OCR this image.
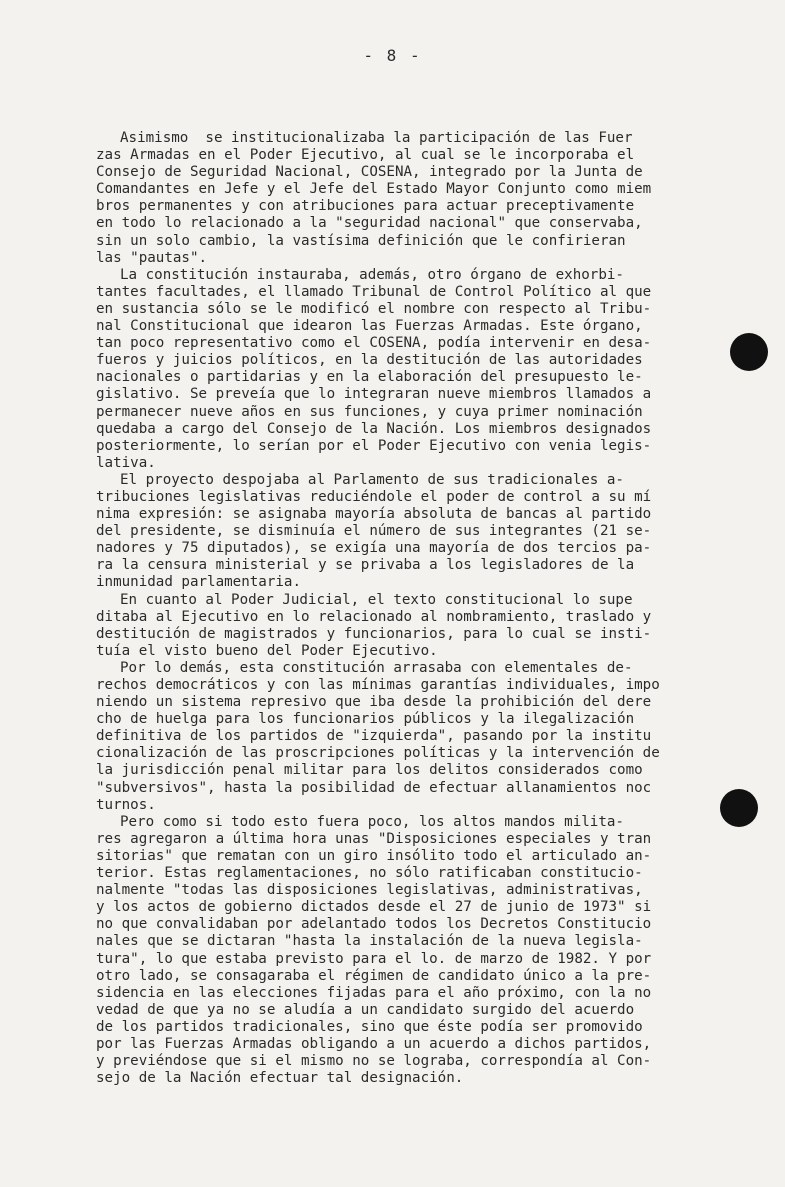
- 8 -
Asimismo  se institucionalizaba la participación de las Fuer
zas Armadas en el Poder Ejecutivo, al cual se le incorporaba el
Consejo de Seguridad Nacional, COSENA, integrado por la Junta de
Comandantes en Jefe y el Jefe del Estado Mayor Conjunto como miem
bros permanentes y con atribuciones para actuar preceptivamente
en todo lo relacionado a la "seguridad nacional" que conservaba,
sin un solo cambio, la vastísima definición que le confirieran
las "pautas".
La constitución instauraba, además, otro órgano de exhorbi-
tantes facultades, el llamado Tribunal de Control Político al que
en sustancia sólo se le modificó el nombre con respecto al Tribu-
nal Constitucional que idearon las Fuerzas Armadas. Este órgano,
tan poco representativo como el COSENA, podía intervenir en desa-
fueros y juicios políticos, en la destitución de las autoridades
nacionales o partidarias y en la elaboración del presupuesto le-
gislativo. Se preveía que lo integraran nueve miembros llamados a
permanecer nueve años en sus funciones, y cuya primer nominación
quedaba a cargo del Consejo de la Nación. Los miembros designados
posteriormente, lo serían por el Poder Ejecutivo con venia legis-
lativa.
El proyecto despojaba al Parlamento de sus tradicionales a-
tribuciones legislativas reduciéndole el poder de control a su mí
nima expresión: se asignaba mayoría absoluta de bancas al partido
del presidente, se disminuía el número de sus integrantes (21 se-
nadores y 75 diputados), se exigía una mayoría de dos tercios pa-
ra la censura ministerial y se privaba a los legisladores de la
inmunidad parlamentaria.
En cuanto al Poder Judicial, el texto constitucional lo supe
ditaba al Ejecutivo en lo relacionado al nombramiento, traslado y
destitución de magistrados y funcionarios, para lo cual se insti-
tuía el visto bueno del Poder Ejecutivo.
Por lo demás, esta constitución arrasaba con elementales de-
rechos democráticos y con las mínimas garantías individuales, impo
niendo un sistema represivo que iba desde la prohibición del dere
cho de huelga para los funcionarios públicos y la ilegalización
definitiva de los partidos de "izquierda", pasando por la institu
cionalización de las proscripciones políticas y la intervención de
la jurisdicción penal militar para los delitos considerados como
"subversivos", hasta la posibilidad de efectuar allanamientos noc
turnos.
Pero como si todo esto fuera poco, los altos mandos milita-
res agregaron a última hora unas "Disposiciones especiales y tran
sitorias" que rematan con un giro insólito todo el articulado an-
terior. Estas reglamentaciones, no sólo ratificaban constitucio-
nalmente "todas las disposiciones legislativas, administrativas,
y los actos de gobierno dictados desde el 27 de junio de 1973" si
no que convalidaban por adelantado todos los Decretos Constitucio
nales que se dictaran "hasta la instalación de la nueva legisla-
tura", lo que estaba previsto para el lo. de marzo de 1982. Y por
otro lado, se consagaraba el régimen de candidato único a la pre-
sidencia en las elecciones fijadas para el año próximo, con la no
vedad de que ya no se aludía a un candidato surgido del acuerdo
de los partidos tradicionales, sino que éste podía ser promovido
por las Fuerzas Armadas obligando a un acuerdo a dichos partidos,
y previéndose que si el mismo no se lograba, correspondía al Con-
sejo de la Nación efectuar tal designación.
